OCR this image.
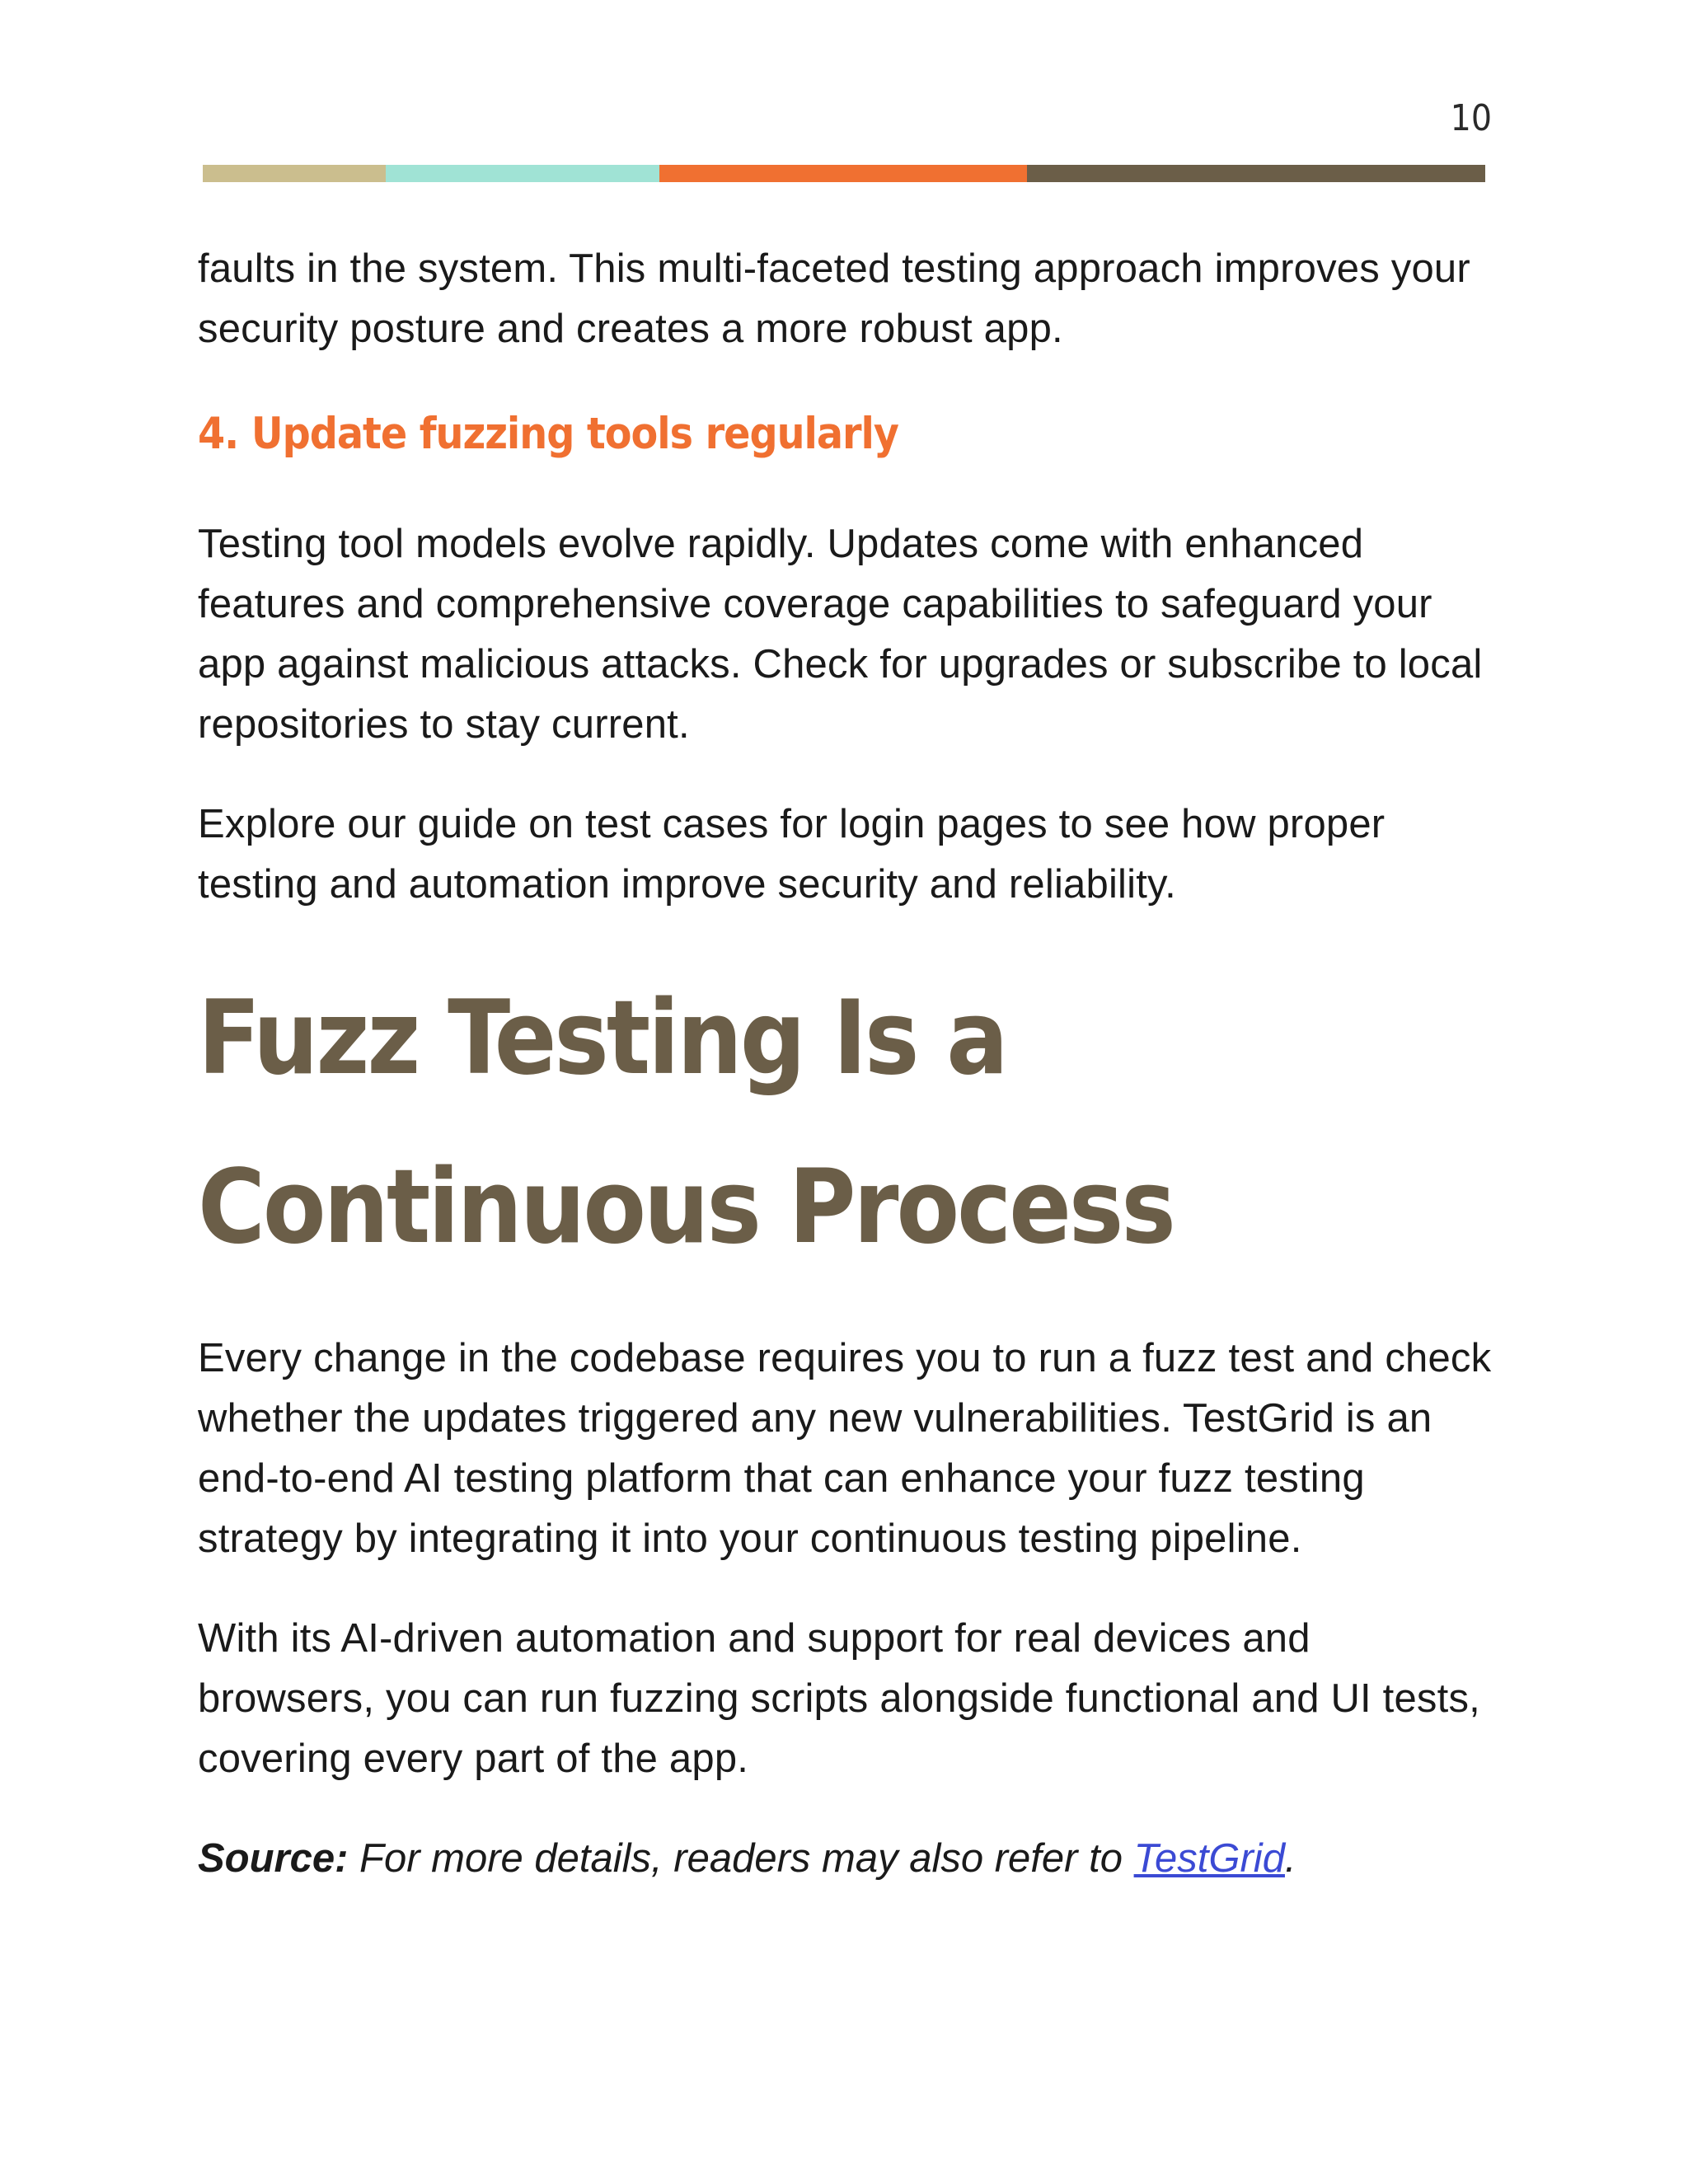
10

faults in the system. This multi-faceted testing approach improves your security posture and creates a more robust app.

4. Update fuzzing tools regularly

Testing tool models evolve rapidly. Updates come with enhanced features and comprehensive coverage capabilities to safeguard your app against malicious attacks. Check for upgrades or subscribe to local repositories to stay current.

Explore our guide on test cases for login pages to see how proper testing and automation improve security and reliability.

Fuzz Testing Is a Continuous Process

Every change in the codebase requires you to run a fuzz test and check whether the updates triggered any new vulnerabilities. TestGrid is an end-to-end AI testing platform that can enhance your fuzz testing strategy by integrating it into your continuous testing pipeline.

With its AI-driven automation and support for real devices and browsers, you can run fuzzing scripts alongside functional and UI tests, covering every part of the app.

Source: For more details, readers may also refer to TestGrid.
